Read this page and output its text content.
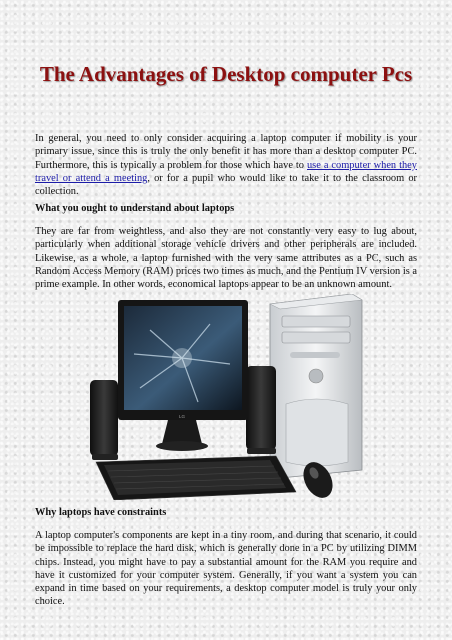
The Advantages of Desktop computer Pcs

In general, you need to only consider acquiring a laptop computer if mobility is your primary issue, since this is truly the only benefit it has more than a desktop computer PC. Furthermore, this is typically a problem for those which have to use a computer when they travel or attend a meeting, or for a pupil who would like to take it to the classroom or collection.

What you ought to understand about laptops

They are far from weightless, and also they are not constantly very easy to lug about, particularly when additional storage vehicle drivers and other peripherals are included. Likewise, as a whole, a laptop furnished with the very same attributes as a PC, such as Random Access Memory (RAM) prices two times as much, and the Pentium IV version is a prime example. In other words, economical laptops appear to be an unknown amount.

LG

Why laptops have constraints

A laptop computer's components are kept in a tiny room, and during that scenario, it could be impossible to replace the hard disk, which is generally done in a PC by utilizing DIMM chips. Instead, you might have to pay a substantial amount for the RAM you require and have it customized for your computer system. Generally, if you want a system you can expand in time based on your requirements, a desktop computer model is truly your only choice.
